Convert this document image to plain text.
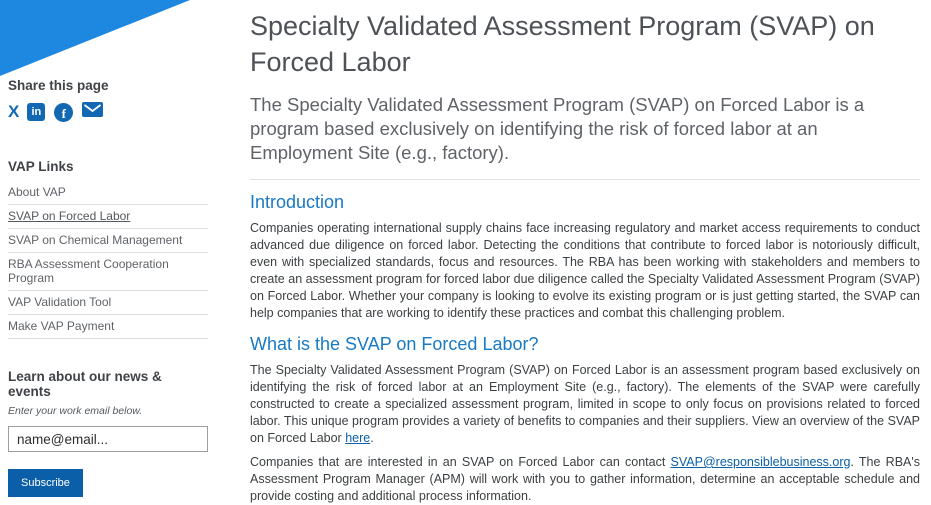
Share this page
X	in	f
VAP Links
About VAP
SVAP on Forced Labor
SVAP on Chemical Management
RBA Assessment Cooperation Program
VAP Validation Tool
Make VAP Payment
Learn about our news & events
Enter your work email below.
name@email... Subscribe
Specialty Validated Assessment Program (SVAP) on Forced Labor
The Specialty Validated Assessment Program (SVAP) on Forced Labor is a program based exclusively on identifying the risk of forced labor at an Employment Site (e.g., factory).
Introduction

Companies operating international supply chains face increasing regulatory and market access requirements to conduct advanced due diligence on forced labor. Detecting the conditions that contribute to forced labor is notoriously difficult, even with specialized standards, focus and resources. The RBA has been working with stakeholders and members to create an assessment program for forced labor due diligence called the Specialty Validated Assessment Program (SVAP) on Forced Labor. Whether your company is looking to evolve its existing program or is just getting started, the SVAP can help companies that are working to identify these practices and combat this challenging problem.

What is the SVAP on Forced Labor?

The Specialty Validated Assessment Program (SVAP) on Forced Labor is an assessment program based exclusively on identifying the risk of forced labor at an Employment Site (e.g., factory). The elements of the SVAP were carefully constructed to create a specialized assessment program, limited in scope to only focus on provisions related to forced labor. This unique program provides a variety of benefits to companies and their suppliers. View an overview of the SVAP on Forced Labor here.

Companies that are interested in an SVAP on Forced Labor can contact SVAP@responsiblebusiness.org. The RBA's Assessment Program Manager (APM) will work with you to gather information, determine an acceptable schedule and provide costing and additional process information.
